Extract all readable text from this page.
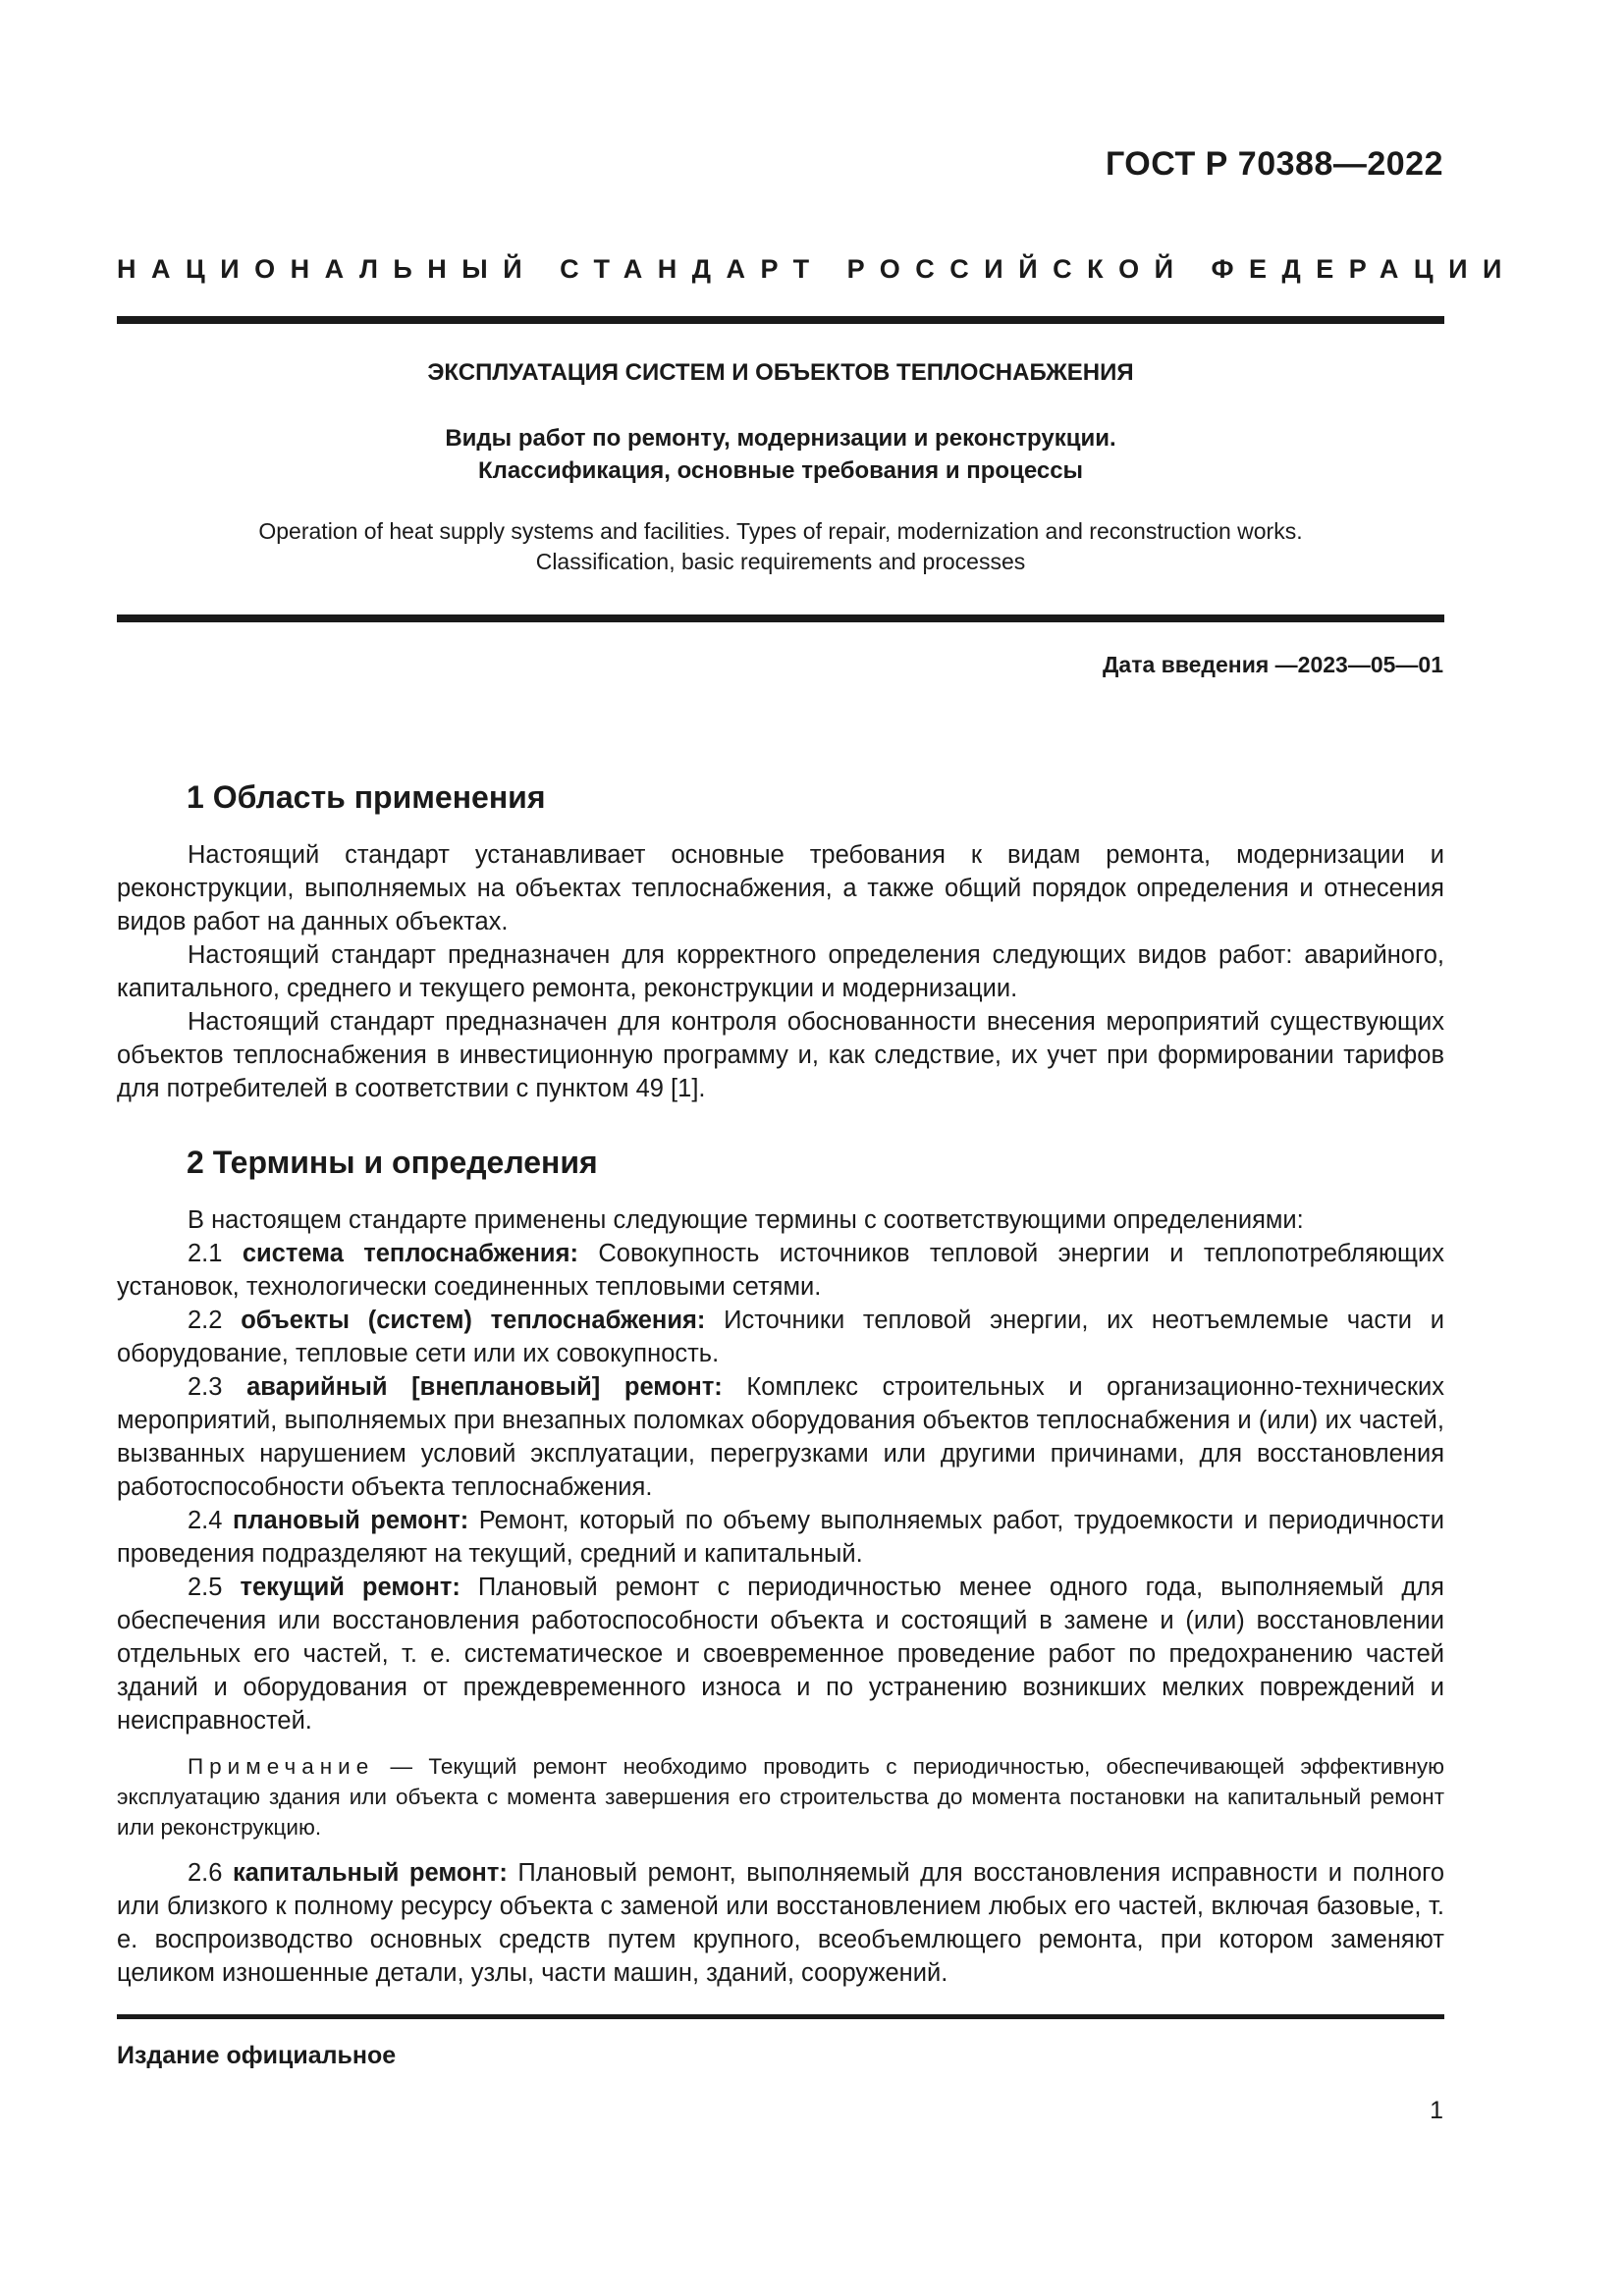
ГОСТ Р 70388—2022
НАЦИОНАЛЬНЫЙ СТАНДАРТ РОССИЙСКОЙ ФЕДЕРАЦИИ
ЭКСПЛУАТАЦИЯ СИСТЕМ И ОБЪЕКТОВ ТЕПЛОСНАБЖЕНИЯ
Виды работ по ремонту, модернизации и реконструкции.
Классификация, основные требования и процессы
Operation of heat supply systems and facilities. Types of repair, modernization and reconstruction works.
Classification, basic requirements and processes
Дата введения —2023—05—01
1 Область применения

Настоящий стандарт устанавливает основные требования к видам ремонта, модернизации и реконструкции, выполняемых на объектах теплоснабжения, а также общий порядок определения и отнесения видов работ на данных объектах.

Настоящий стандарт предназначен для корректного определения следующих видов работ: аварийного, капитального, среднего и текущего ремонта, реконструкции и модернизации.

Настоящий стандарт предназначен для контроля обоснованности внесения мероприятий существующих объектов теплоснабжения в инвестиционную программу и, как следствие, их учет при формировании тарифов для потребителей в соответствии с пунктом 49 [1].

2 Термины и определения

В настоящем стандарте применены следующие термины с соответствующими определениями:

2.1 система теплоснабжения: Совокупность источников тепловой энергии и теплопотребляющих установок, технологически соединенных тепловыми сетями.

2.2 объекты (систем) теплоснабжения: Источники тепловой энергии, их неотъемлемые части и оборудование, тепловые сети или их совокупность.

2.3 аварийный [внеплановый] ремонт: Комплекс строительных и организационно-технических мероприятий, выполняемых при внезапных поломках оборудования объектов теплоснабжения и (или) их частей, вызванных нарушением условий эксплуатации, перегрузками или другими причинами, для восстановления работоспособности объекта теплоснабжения.

2.4 плановый ремонт: Ремонт, который по объему выполняемых работ, трудоемкости и периодичности проведения подразделяют на текущий, средний и капитальный.

2.5 текущий ремонт: Плановый ремонт с периодичностью менее одного года, выполняемый для обеспечения или восстановления работоспособности объекта и состоящий в замене и (или) восстановлении отдельных его частей, т. е. систематическое и своевременное проведение работ по предохранению частей зданий и оборудования от преждевременного износа и по устранению возникших мелких повреждений и неисправностей.

Примечание — Текущий ремонт необходимо проводить с периодичностью, обеспечивающей эффективную эксплуатацию здания или объекта с момента завершения его строительства до момента постановки на капитальный ремонт или реконструкцию.

2.6 капитальный ремонт: Плановый ремонт, выполняемый для восстановления исправности и полного или близкого к полному ресурсу объекта с заменой или восстановлением любых его частей, включая базовые, т. е. воспроизводство основных средств путем крупного, всеобъемлющего ремонта, при котором заменяют целиком изношенные детали, узлы, части машин, зданий, сооружений.

Издание официальное
1
